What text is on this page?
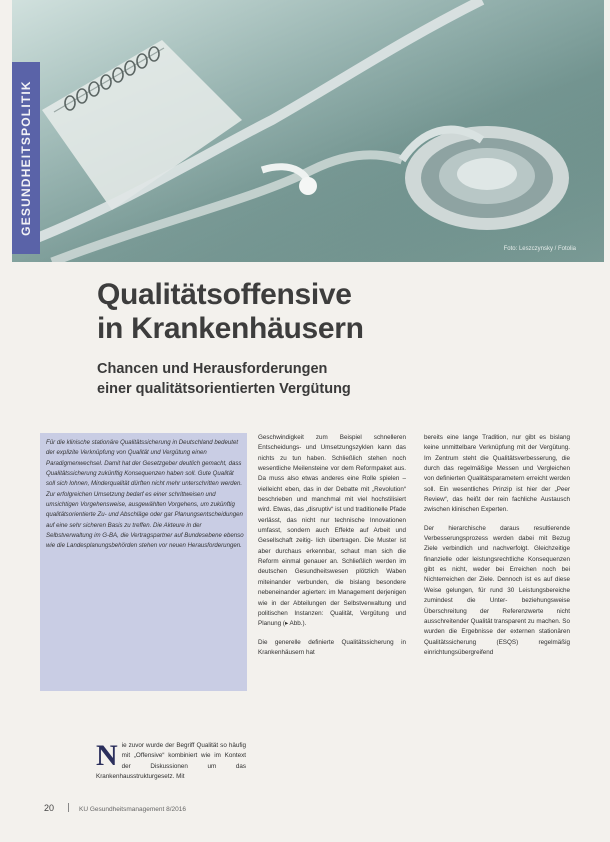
Foto: Leszczynsky / Fotolia
GESUNDHEITSPOLITIK
Qualitätsoffensive
in Krankenhäusern
Chancen und Herausforderungen
einer qualitätsorientierten Vergütung
Für die klinische stationäre Qualitätssicherung in Deutschland bedeutet der explizite Verknüpfung von Qualität und Vergütung einen Paradigmenwechsel. Damit hat der Gesetzgeber deutlich gemacht, dass Qualitätssicherung zukünftig Konsequenzen haben soll. Gute Qualität soll sich lohnen, Minderqualität dürften nicht mehr unterschritten werden. Zur erfolgreichen Umsetzung bedarf es einer schrittweisen und umsichtigen Vorgehensweise, ausgewählten Vorgehens, um zukünftig qualitätsorientierte Zu- und Abschläge oder gar Planungsentscheidungen auf eine sehr sicheren Basis zu treffen. Die Akteure in der Selbstverwaltung im G-BA, die Vertragspartner auf Bundesebene ebenso wie die Landesplanungsbehörden stehen vor neuen Herausforderungen.

Nie zuvor wurde der Begriff Qualität so häufig mit „Offensive“ kombiniert wie im Kontext der Diskussionen um das Krankenhausstrukturgesetz. Mit

Geschwindigkeit zum Beispiel schnelleren Entscheidungs- und Umsetzungszyklen kann das nichts zu tun haben. Schließlich stehen noch wesentliche Meilensteine vor dem Reformpaket aus. Da muss also etwas anderes eine Rolle spielen – vielleicht eben, das in der Debatte mit „Revolution“ beschrieben und manchmal mit viel hochstilisiert wird. Etwas, das „disruptiv“ ist und traditionelle Pfade verlässt, das nicht nur technische Innovationen umfasst, sondern auch Effekte auf Arbeit und Gesellschaft zeitig- lich übertragen. Die Muster ist aber durchaus erkennbar, schaut man sich die Reform einmal genauer an. Schließlich werden im deutschen Gesundheitswesen plötzlich Waben miteinander verbunden, die bislang besondere nebeneinander agierten: im Management derjenigen wie in der Abteilungen der Selbstverwaltung und politischen Instanzen: Qualität, Vergütung und Planung (▸ Abb.).

Die generelle definierte Qualitätssicherung in Krankenhäusern hat

bereits eine lange Tradition, nur gibt es bislang keine unmittelbare Verknüpfung mit der Vergütung. Im Zentrum steht die Qualitätsverbesserung, die durch das regelmäßige Messen und Vergleichen von definierten Qualitätsparametern erreicht werden soll. Ein wesentliches Prinzip ist hier der „Peer Review“, das heißt der rein fachliche Austausch zwischen klinischen Experten.

Der hierarchische daraus resultierende Verbesserungsprozess werden dabei mit Bezug Ziele verbindlich und nachverfolgt. Gleichzeitige finanzielle oder leistungsrechtliche Konsequenzen gibt es nicht, weder bei Erreichen noch bei Nichterreichen der Ziele. Dennoch ist es auf diese Weise gelungen, für rund 30 Leistungsbereiche zumindest die Unter- beziehungsweise Überschreitung der Referenzwerte nicht ausschreitender Qualität transparent zu machen. So wurden die Ergebnisse der externen stationären Qualitätssicherung (ESQS) regelmäßig einrichtungsübergreifend

20	KU Gesundheitsmanagement 8/2016
